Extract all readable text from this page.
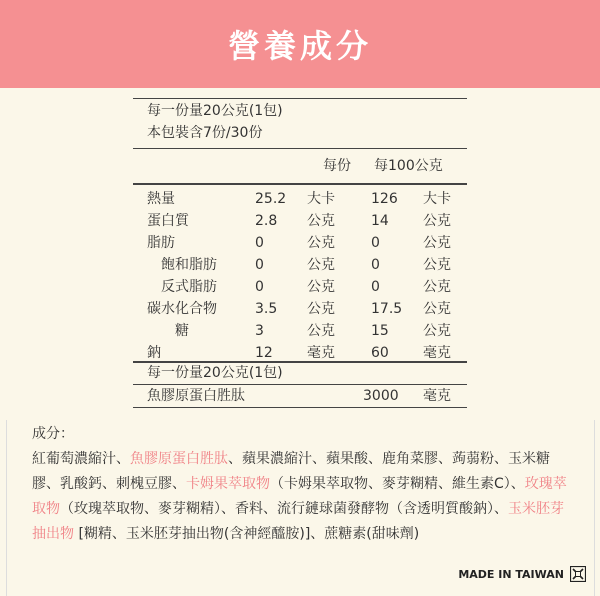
營養成分
每一份量20公克(1包)
本包裝含7份/30份
每份 每100公克
熱量	25.2 大卡	126 大卡
蛋白質	2.8 公克	14 公克
脂肪	0	公克	0	公克
飽和脂肪	0	公克	0	公克
反式脂肪	0	公克	0	公克
碳水化合物	3.5 公克	17.5 公克
糖	3	公克	15 公克
鈉	12 毫克	60 毫克
每一份量20公克(1包)
魚膠原蛋白胜肽	3000 毫克
成分：
紅葡萄濃縮汁、魚膠原蛋白胜肽、蘋果濃縮汁、蘋果酸、鹿角菜膠、蒟蒻粉、玉米糖膠、乳酸鈣、刺槐豆膠、卡姆果萃取物（卡姆果萃取物、麥芽糊精、維生素C）、玫瑰萃取物（玫瑰萃取物、麥芽糊精）、香料、流行鏈球菌發酵物（含透明質酸鈉）、玉米胚芽抽出物 [糊精、玉米胚芽抽出物(含神經醯胺)]、蔗糖素(甜味劑)
MADE IN TAIWAN
